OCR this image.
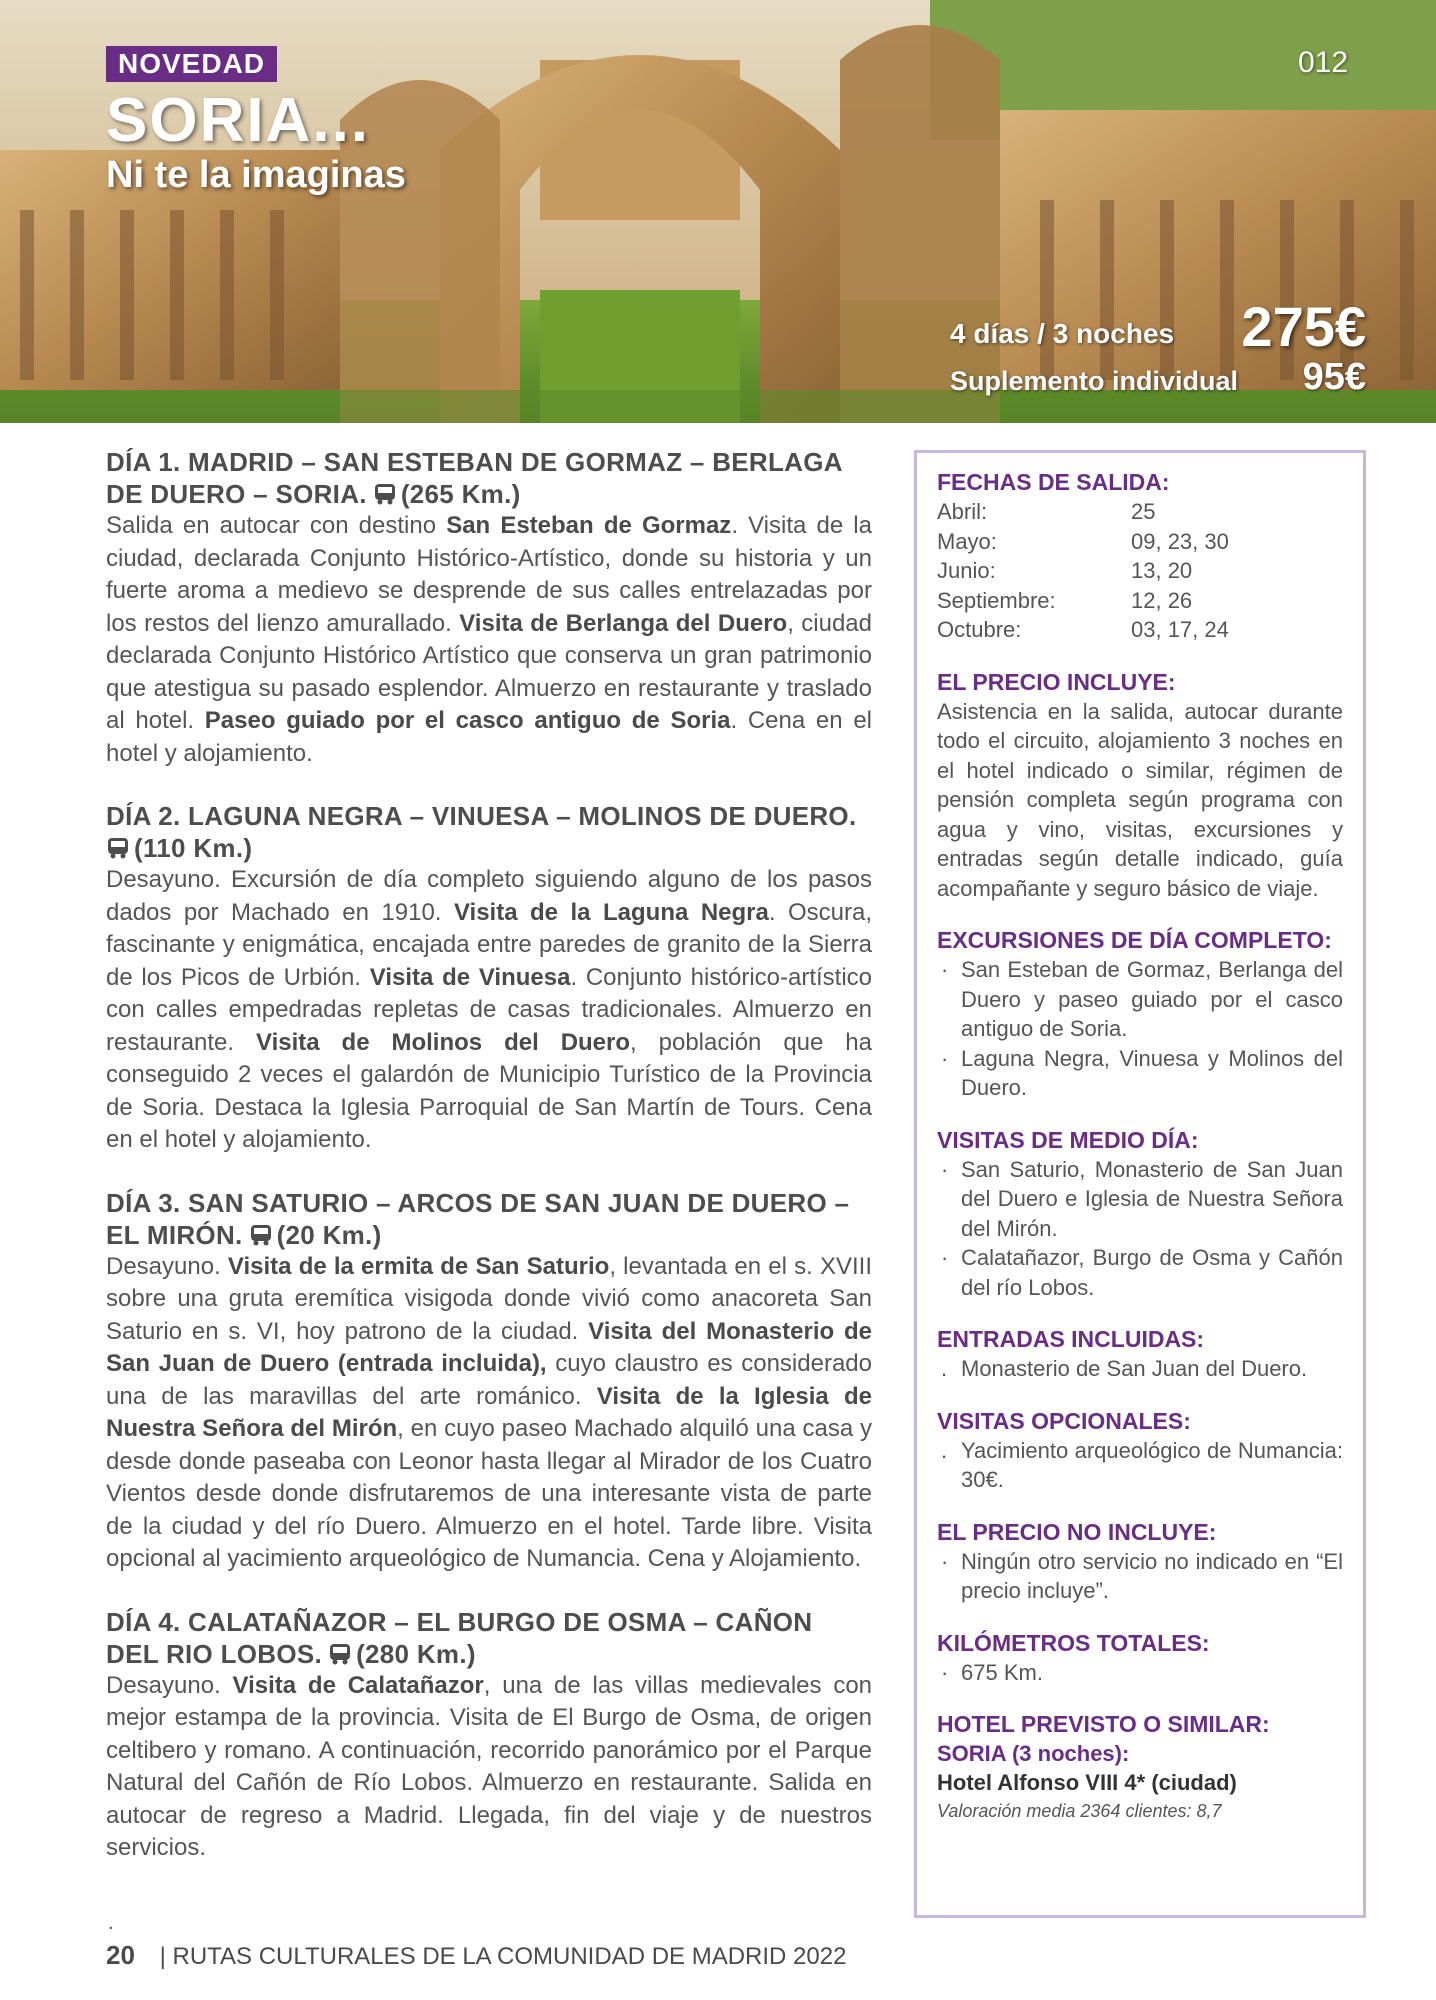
NOVEDAD
SORIA...
Ni te la imaginas
012
4 días / 3 noches 275€
Suplemento individual 95€
DÍA 1. MADRID – SAN ESTEBAN DE GORMAZ – BERLAGA DE DUERO – SORIA. (265 Km.)

Salida en autocar con destino San Esteban de Gormaz. Visita de la ciudad, declarada Conjunto Histórico-Artístico, donde su historia y un fuerte aroma a medievo se desprende de sus calles entrelazadas por los restos del lienzo amurallado. Visita de Berlanga del Duero, ciudad declarada Conjunto Histórico Artístico que conserva un gran patrimonio que atestigua su pasado esplendor. Almuerzo en restaurante y traslado al hotel. Paseo guiado por el casco antiguo de Soria. Cena en el hotel y alojamiento.

DÍA 2. LAGUNA NEGRA – VINUESA – MOLINOS DE DUERO.
(110 Km.)

Desayuno. Excursión de día completo siguiendo alguno de los pasos dados por Machado en 1910. Visita de la Laguna Negra. Oscura, fascinante y enigmática, encajada entre paredes de granito de la Sierra de los Picos de Urbión. Visita de Vinuesa. Conjunto histórico-artístico con calles empedradas repletas de casas tradicionales. Almuerzo en restaurante. Visita de Molinos del Duero, población que ha conseguido 2 veces el galardón de Municipio Turístico de la Provincia de Soria. Destaca la Iglesia Parroquial de San Martín de Tours. Cena en el hotel y alojamiento.

DÍA 3. SAN SATURIO – ARCOS DE SAN JUAN DE DUERO – EL MIRÓN. (20 Km.)

Desayuno. Visita de la ermita de San Saturio, levantada en el s. XVIII sobre una gruta eremítica visigoda donde vivió como anacoreta San Saturio en s. VI, hoy patrono de la ciudad. Visita del Monasterio de San Juan de Duero (entrada incluida), cuyo claustro es considerado una de las maravillas del arte románico. Visita de la Iglesia de Nuestra Señora del Mirón, en cuyo paseo Machado alquiló una casa y desde donde paseaba con Leonor hasta llegar al Mirador de los Cuatro Vientos desde donde disfrutaremos de una interesante vista de parte de la ciudad y del río Duero. Almuerzo en el hotel. Tarde libre. Visita opcional al yacimiento arqueológico de Numancia. Cena y Alojamiento.

DÍA 4. CALATAÑAZOR – EL BURGO DE OSMA – CAÑON DEL RIO LOBOS. (280 Km.)

Desayuno. Visita de Calatañazor, una de las villas medievales con mejor estampa de la provincia. Visita de El Burgo de Osma, de origen celtibero y romano. A continuación, recorrido panorámico por el Parque Natural del Cañón de Río Lobos. Almuerzo en restaurante. Salida en autocar de regreso a Madrid. Llegada, fin del viaje y de nuestros servicios.

.
20 | RUTAS CULTURALES DE LA COMUNIDAD DE MADRID 2022
FECHAS DE SALIDA:
Abril:	25
Mayo:	09, 23, 30
Junio:	13, 20
Septiembre:	12, 26
Octubre:	03, 17, 24
EL PRECIO INCLUYE:

Asistencia en la salida, autocar durante todo el circuito, alojamiento 3 noches en el hotel indicado o similar, régimen de pensión completa según programa con agua y vino, visitas, excursiones y entradas según detalle indicado, guía acompañante y seguro básico de viaje.

EXCURSIONES DE DÍA COMPLETO:
· San Esteban de Gormaz, Berlanga del Duero y paseo guiado por el casco antiguo de Soria.
· Laguna Negra, Vinuesa y Molinos del Duero.
VISITAS DE MEDIO DÍA:
· San Saturio, Monasterio de San Juan del Duero e Iglesia de Nuestra Señora del Mirón.
· Calatañazor, Burgo de Osma y Cañón del río Lobos.
ENTRADAS INCLUIDAS:
. Monasterio de San Juan del Duero.
VISITAS OPCIONALES:
. Yacimiento arqueológico de Numancia: 30€.
EL PRECIO NO INCLUYE:
· Ningún otro servicio no indicado en “El precio incluye”.
KILÓMETROS TOTALES:
· 675 Km.
HOTEL PREVISTO O SIMILAR:
SORIA (3 noches):
Hotel Alfonso VIII 4* (ciudad)
Valoración media 2364 clientes: 8,7
